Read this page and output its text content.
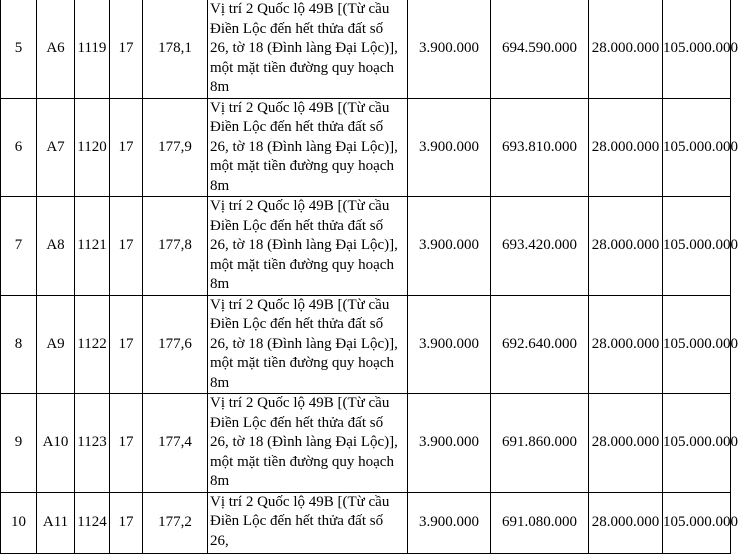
5	A6	1119	17	178,1	Vị trí 2 Quốc lộ 49B [(Từ cầu Điền Lộc đến hết thửa đất số 26, tờ 18 (Đình làng Đại Lộc)], một mặt tiền đường quy hoạch 8m	3.900.000	694.590.000	28.000.000	105.000.000
6	A7	1120	17	177,9	Vị trí 2 Quốc lộ 49B [(Từ cầu Điền Lộc đến hết thửa đất số 26, tờ 18 (Đình làng Đại Lộc)], một mặt tiền đường quy hoạch 8m	3.900.000	693.810.000	28.000.000	105.000.000
7	A8	1121	17	177,8	Vị trí 2 Quốc lộ 49B [(Từ cầu Điền Lộc đến hết thửa đất số 26, tờ 18 (Đình làng Đại Lộc)], một mặt tiền đường quy hoạch 8m	3.900.000	693.420.000	28.000.000	105.000.000
8	A9	1122	17	177,6	Vị trí 2 Quốc lộ 49B [(Từ cầu Điền Lộc đến hết thửa đất số 26, tờ 18 (Đình làng Đại Lộc)], một mặt tiền đường quy hoạch 8m	3.900.000	692.640.000	28.000.000	105.000.000
9	A10	1123	17	177,4	Vị trí 2 Quốc lộ 49B [(Từ cầu Điền Lộc đến hết thửa đất số 26, tờ 18 (Đình làng Đại Lộc)], một mặt tiền đường quy hoạch 8m	3.900.000	691.860.000	28.000.000	105.000.000
10	A11	1124	17	177,2	Vị trí 2 Quốc lộ 49B [(Từ cầu Điền Lộc đến hết thửa đất số 26,	3.900.000	691.080.000	28.000.000	105.000.000
